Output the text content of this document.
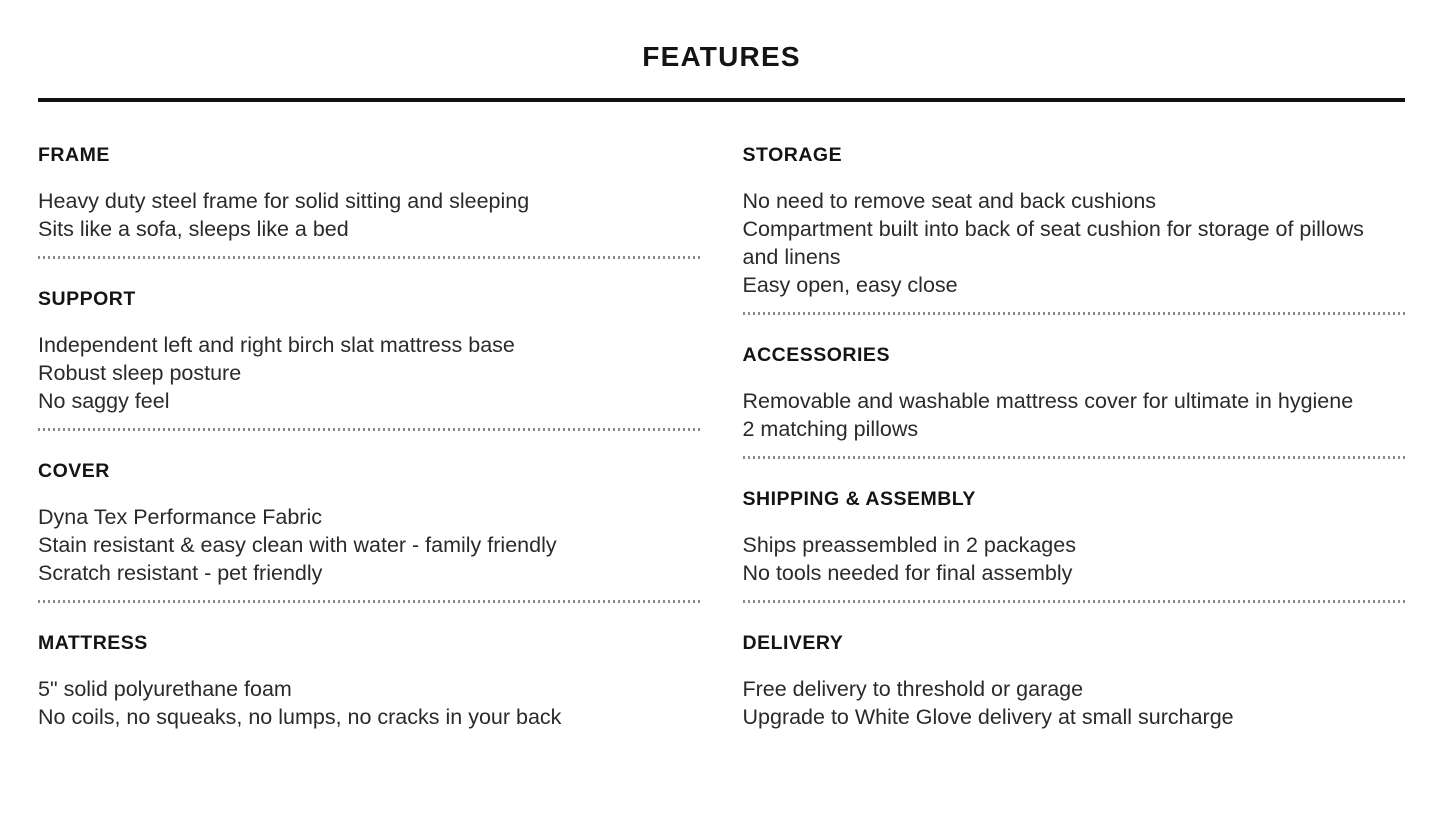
FEATURES
FRAME
Heavy duty steel frame for solid sitting and sleeping
Sits like a sofa, sleeps like a bed
SUPPORT
Independent left and right birch slat mattress base
Robust sleep posture
No saggy feel
COVER
Dyna Tex Performance Fabric
Stain resistant & easy clean with water - family friendly
Scratch resistant - pet friendly
MATTRESS
5" solid polyurethane foam
No coils, no squeaks, no lumps, no cracks in your back
STORAGE
No need to remove seat and back cushions
Compartment built into back of seat cushion for storage of pillows and linens
Easy open, easy close
ACCESSORIES
Removable and washable mattress cover for ultimate in hygiene
2 matching pillows
SHIPPING & ASSEMBLY
Ships preassembled in 2 packages
No tools needed for final assembly
DELIVERY
Free delivery to threshold or garage
Upgrade to White Glove delivery at small surcharge
